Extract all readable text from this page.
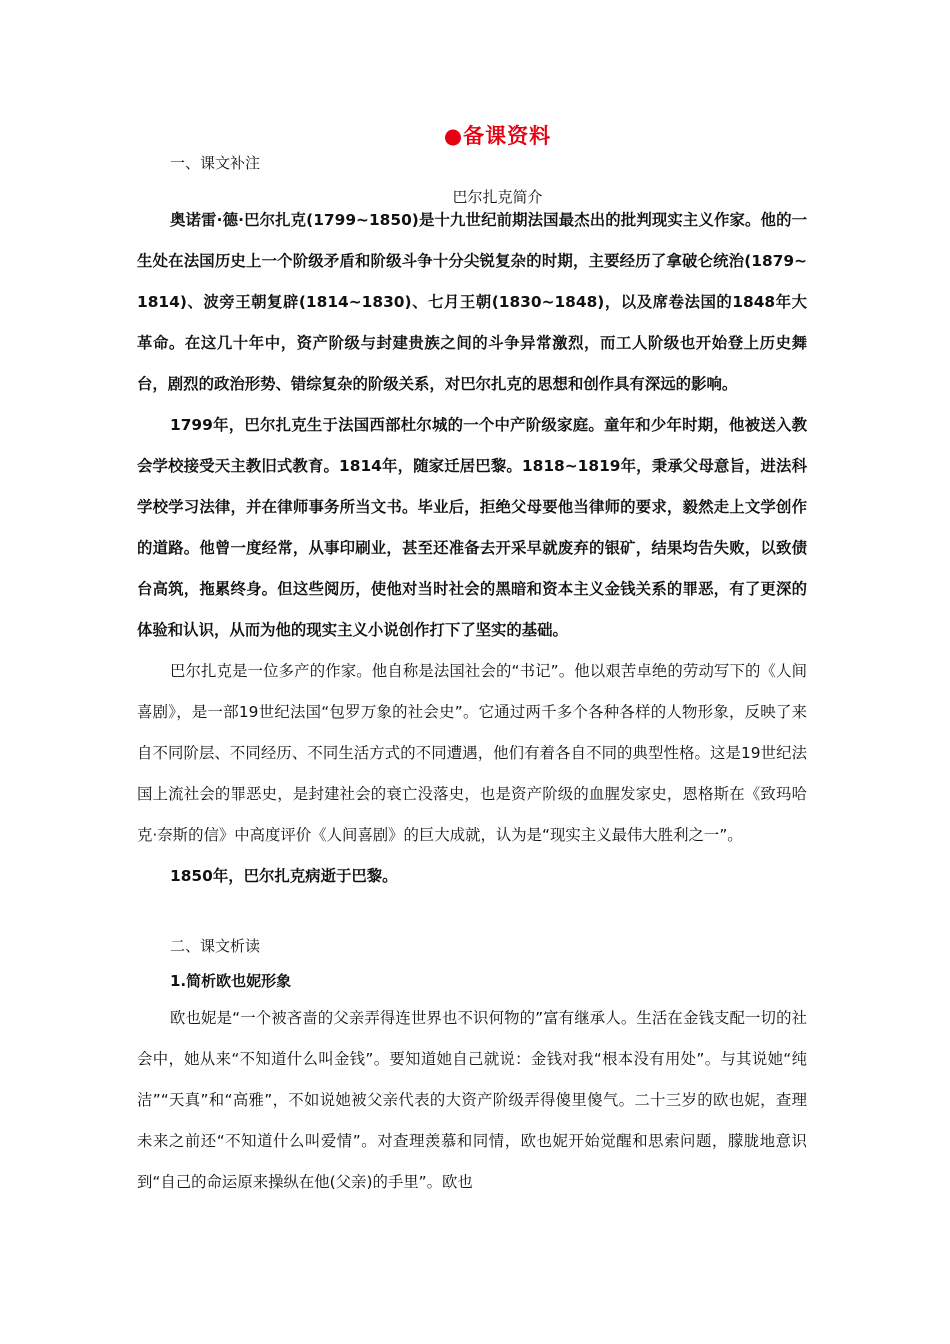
●备课资料
一、课文补注
巴尔扎克简介

奥诺雷·德·巴尔扎克(1799~1850)是十九世纪前期法国最杰出的批判现实主义作家。他的一生处在法国历史上一个阶级矛盾和阶级斗争十分尖锐复杂的时期，主要经历了拿破仑统治(1879~1814)、波旁王朝复辟(1814~1830)、七月王朝(1830~1848)，以及席卷法国的1848年大革命。在这几十年中，资产阶级与封建贵族之间的斗争异常激烈，而工人阶级也开始登上历史舞台，剧烈的政治形势、错综复杂的阶级关系，对巴尔扎克的思想和创作具有深远的影响。

1799年，巴尔扎克生于法国西部杜尔城的一个中产阶级家庭。童年和少年时期，他被送入教会学校接受天主教旧式教育。1814年，随家迁居巴黎。1818~1819年，秉承父母意旨，进法科学校学习法律，并在律师事务所当文书。毕业后，拒绝父母要他当律师的要求，毅然走上文学创作的道路。他曾一度经常，从事印刷业，甚至还准备去开采早就废弃的银矿，结果均告失败，以致债台高筑，拖累终身。但这些阅历，使他对当时社会的黑暗和资本主义金钱关系的罪恶，有了更深的体验和认识，从而为他的现实主义小说创作打下了坚实的基础。

巴尔扎克是一位多产的作家。他自称是法国社会的“书记”。他以艰苦卓绝的劳动写下的《人间喜剧》，是一部19世纪法国“包罗万象的社会史”。它通过两千多个各种各样的人物形象，反映了来自不同阶层、不同经历、不同生活方式的不同遭遇，他们有着各自不同的典型性格。这是19世纪法国上流社会的罪恶史，是封建社会的衰亡没落史，也是资产阶级的血腥发家史，恩格斯在《致玛哈克·奈斯的信》中高度评价《人间喜剧》的巨大成就，认为是“现实主义最伟大胜利之一”。

1850年，巴尔扎克病逝于巴黎。

二、课文析读
1.简析欧也妮形象

欧也妮是“一个被吝啬的父亲弄得连世界也不识何物的”富有继承人。生活在金钱支配一切的社会中，她从来“不知道什么叫金钱”。要知道她自己就说：金钱对我“根本没有用处”。与其说她“纯洁”“天真”和“高雅”，不如说她被父亲代表的大资产阶级弄得傻里傻气。二十三岁的欧也妮，查理未来之前还“不知道什么叫爱情”。对查理羡慕和同情，欧也妮开始觉醒和思索问题，朦胧地意识到“自己的命运原来操纵在他(父亲)的手里”。欧也
